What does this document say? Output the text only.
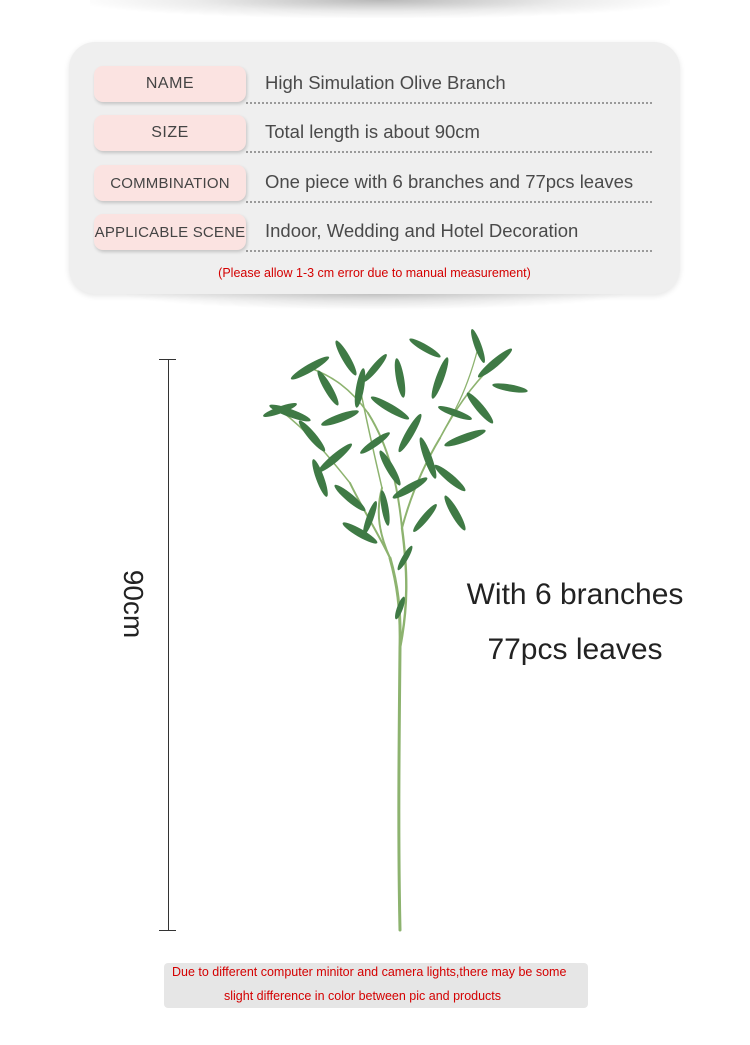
NAME	High Simulation Olive Branch
SIZE	Total length is about 90cm
COMMBINATION	One piece with 6 branches and 77pcs leaves
APPLICABLE SCENE Indoor, Wedding and Hotel Decoration
(Please allow 1-3 cm error due to manual measurement)
90cm	With 6 branches
77pcs leaves
Due to different computer minitor and camera lights,there may be some
slight difference in color between pic and products
